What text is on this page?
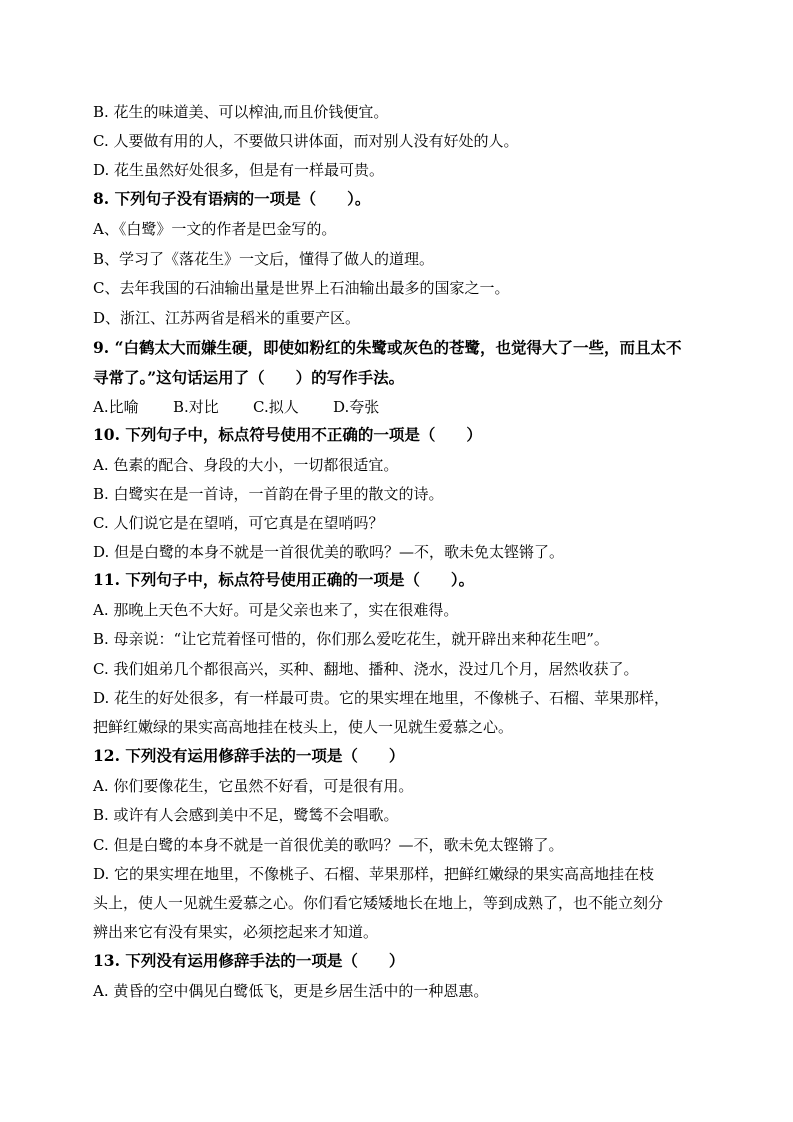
B. 花生的味道美、可以榨油,而且价钱便宜。
C. 人要做有用的人，不要做只讲体面，而对别人没有好处的人。
D. 花生虽然好处很多，但是有一样最可贵。
8. 下列句子没有语病的一项是（　　）。
A、《白鹭》一文的作者是巴金写的。
B、学习了《落花生》一文后，懂得了做人的道理。
C、去年我国的石油输出量是世界上石油输出最多的国家之一。
D、浙江、江苏两省是稻米的重要产区。
9. “白鹤太大而嫌生硬，即使如粉红的朱鹭或灰色的苍鹭，也觉得大了一些，而且太不
寻常了。”这句话运用了（　　）的写作手法。
A.比喻 B.对比 C.拟人 D.夸张
10. 下列句子中，标点符号使用不正确的一项是（　　）
A. 色素的配合、身段的大小，一切都很适宜。
B. 白鹭实在是一首诗，一首韵在骨子里的散文的诗。
C. 人们说它是在望哨，可它真是在望哨吗？
D. 但是白鹭的本身不就是一首很优美的歌吗？—不，歌未免太铿锵了。
11. 下列句子中，标点符号使用正确的一项是（　　）。
A. 那晚上天色不大好。可是父亲也来了，实在很难得。
B. 母亲说：“让它荒着怪可惜的，你们那么爱吃花生，就开辟出来种花生吧”。
C. 我们姐弟几个都很高兴，买种、翻地、播种、浇水，没过几个月，居然收获了。
D. 花生的好处很多，有一样最可贵。它的果实埋在地里，不像桃子、石榴、苹果那样，
把鲜红嫩绿的果实高高地挂在枝头上，使人一见就生爱慕之心。
12. 下列没有运用修辞手法的一项是（　　）
A. 你们要像花生，它虽然不好看，可是很有用。
B. 或许有人会感到美中不足，鹭鸶不会唱歌。
C. 但是白鹭的本身不就是一首很优美的歌吗？—不，歌未免太铿锵了。
D. 它的果实埋在地里，不像桃子、石榴、苹果那样，把鲜红嫩绿的果实高高地挂在枝
头上，使人一见就生爱慕之心。你们看它矮矮地长在地上，等到成熟了，也不能立刻分
辨出来它有没有果实，必须挖起来才知道。
13. 下列没有运用修辞手法的一项是（　　）
A. 黄昏的空中偶见白鹭低飞，更是乡居生活中的一种恩惠。
